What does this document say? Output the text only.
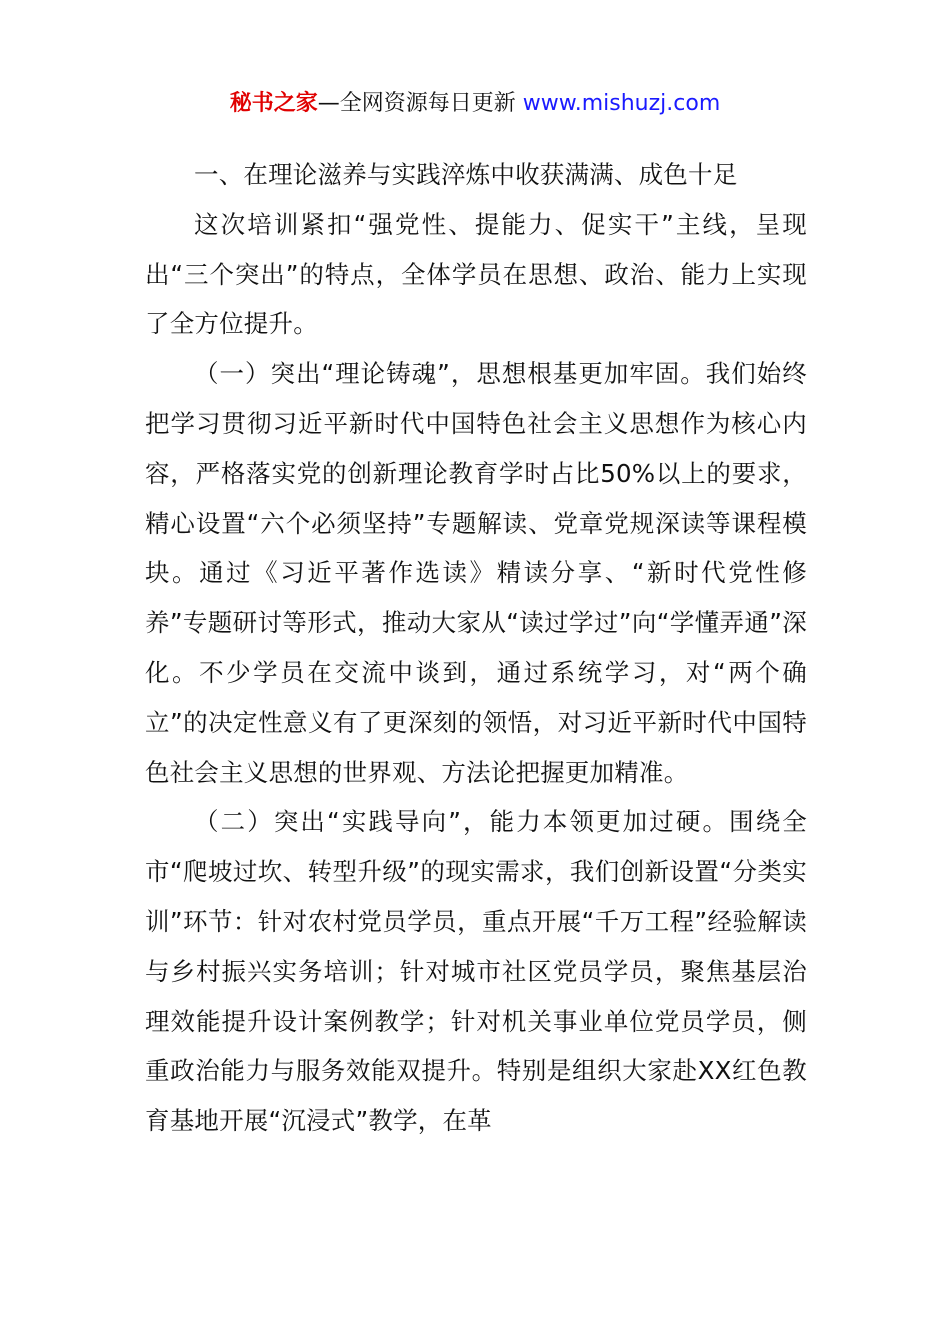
秘书之家—全网资源每日更新 www.mishuzj.com

一、在理论滋养与实践淬炼中收获满满、成色十足

这次培训紧扣“强党性、提能力、促实干”主线，呈现出“三个突出”的特点，全体学员在思想、政治、能力上实现了全方位提升。

（一）突出“理论铸魂”，思想根基更加牢固。我们始终把学习贯彻习近平新时代中国特色社会主义思想作为核心内容，严格落实党的创新理论教育学时占比50%以上的要求，精心设置“六个必须坚持”专题解读、党章党规深读等课程模块。通过《习近平著作选读》精读分享、“新时代党性修养”专题研讨等形式，推动大家从“读过学过”向“学懂弄通”深化。不少学员在交流中谈到，通过系统学习，对“两个确立”的决定性意义有了更深刻的领悟，对习近平新时代中国特色社会主义思想的世界观、方法论把握更加精准。

（二）突出“实践导向”，能力本领更加过硬。围绕全市“爬坡过坎、转型升级”的现实需求，我们创新设置“分类实训”环节：针对农村党员学员，重点开展“千万工程”经验解读与乡村振兴实务培训；针对城市社区党员学员，聚焦基层治理效能提升设计案例教学；针对机关事业单位党员学员，侧重政治能力与服务效能双提升。特别是组织大家赴XX红色教育基地开展“沉浸式”教学，在革
